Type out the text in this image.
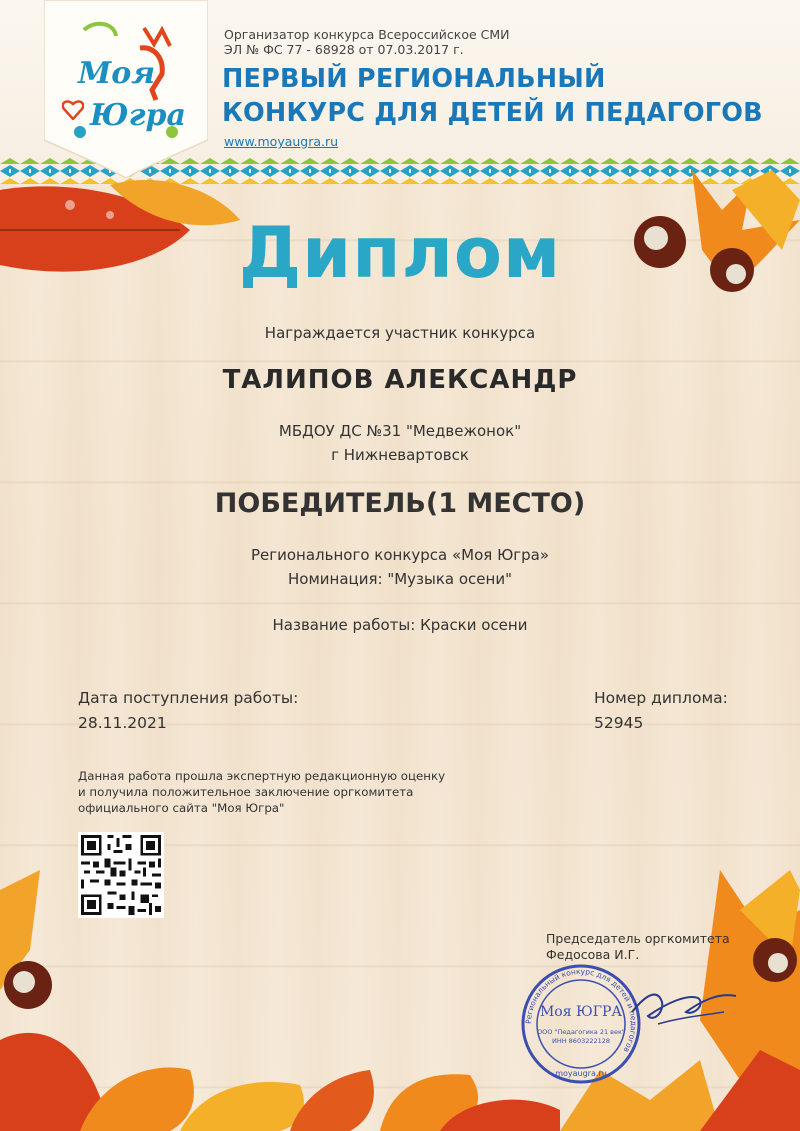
Моя
Югра
Организатор конкурса Всероссийское СМИ
ЭЛ № ФС 77 - 68928 от 07.03.2017 г.
ПЕРВЫЙ РЕГИОНАЛЬНЫЙ
КОНКУРС ДЛЯ ДЕТЕЙ И ПЕДАГОГОВ
www.moyaugra.ru
Диплом
Награждается участник конкурса
ТАЛИПОВ АЛЕКСАНДР
МБДОУ ДС №31 "Медвежонок"
г Нижневартовск
ПОБЕДИТЕЛЬ(1 МЕСТО)
Регионального конкурса «Моя Югра»
Номинация: "Музыка осени"
Название работы: Краски осени
Дата поступления работы:
28.11.2021
Номер диплома:
52945
Данная работа прошла экспертную редакционную оценку
и получила положительное заключение оргкомитета
официального сайта "Моя Югра"
Председатель оргкомитета
Федосова И.Г.
Региональный конкурс для детей и педагогов
Моя ЮГРА
ООО "Педагогика 21 век"
ИНН 8603222128
moyaugra.ru
